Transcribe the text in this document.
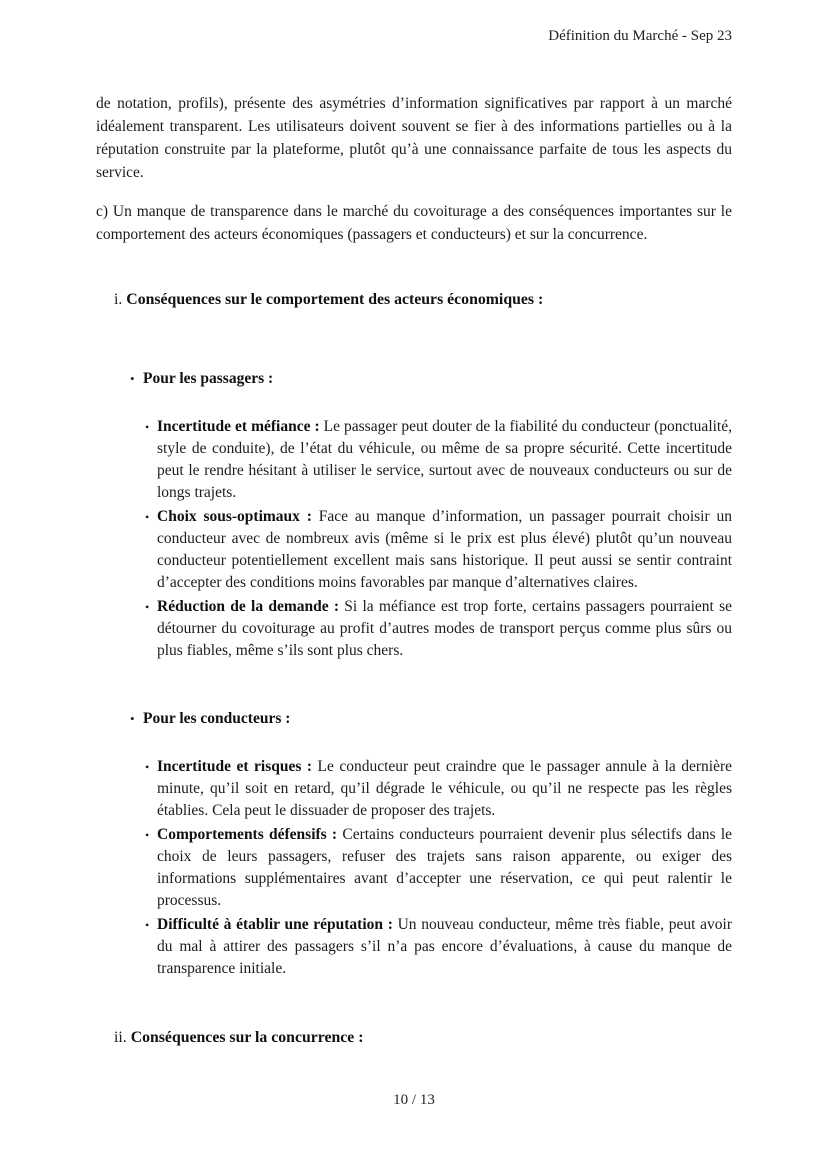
Définition du Marché - Sep 23

de notation, profils), présente des asymétries d’information significatives par rapport à un marché idéalement transparent. Les utilisateurs doivent souvent se fier à des informations partielles ou à la réputation construite par la plateforme, plutôt qu’à une connaissance parfaite de tous les aspects du service.

c) Un manque de transparence dans le marché du covoiturage a des conséquences importantes sur le comportement des acteurs économiques (passagers et conducteurs) et sur la concurrence.

i. Conséquences sur le comportement des acteurs économiques :
• Pour les passagers :
• Incertitude et méfiance : Le passager peut douter de la fiabilité du conducteur (ponctualité, style de conduite), de l’état du véhicule, ou même de sa propre sécurité. Cette incertitude peut le rendre hésitant à utiliser le service, surtout avec de nouveaux conducteurs ou sur de longs trajets.
• Choix sous-optimaux : Face au manque d’information, un passager pourrait choisir un conducteur avec de nombreux avis (même si le prix est plus élevé) plutôt qu’un nouveau conducteur potentiellement excellent mais sans historique. Il peut aussi se sentir contraint d’accepter des conditions moins favorables par manque d’alternatives claires.
• Réduction de la demande : Si la méfiance est trop forte, certains passagers pourraient se détourner du covoiturage au profit d’autres modes de transport perçus comme plus sûrs ou plus fiables, même s’ils sont plus chers.
• Pour les conducteurs :
• Incertitude et risques : Le conducteur peut craindre que le passager annule à la dernière minute, qu’il soit en retard, qu’il dégrade le véhicule, ou qu’il ne respecte pas les règles établies. Cela peut le dissuader de proposer des trajets.
• Comportements défensifs : Certains conducteurs pourraient devenir plus sélectifs dans le choix de leurs passagers, refuser des trajets sans raison apparente, ou exiger des informations supplémentaires avant d’accepter une réservation, ce qui peut ralentir le processus.
• Difficulté à établir une réputation : Un nouveau conducteur, même très fiable, peut avoir du mal à attirer des passagers s’il n’a pas encore d’évaluations, à cause du manque de transparence initiale.
ii. Conséquences sur la concurrence :
10 / 13
